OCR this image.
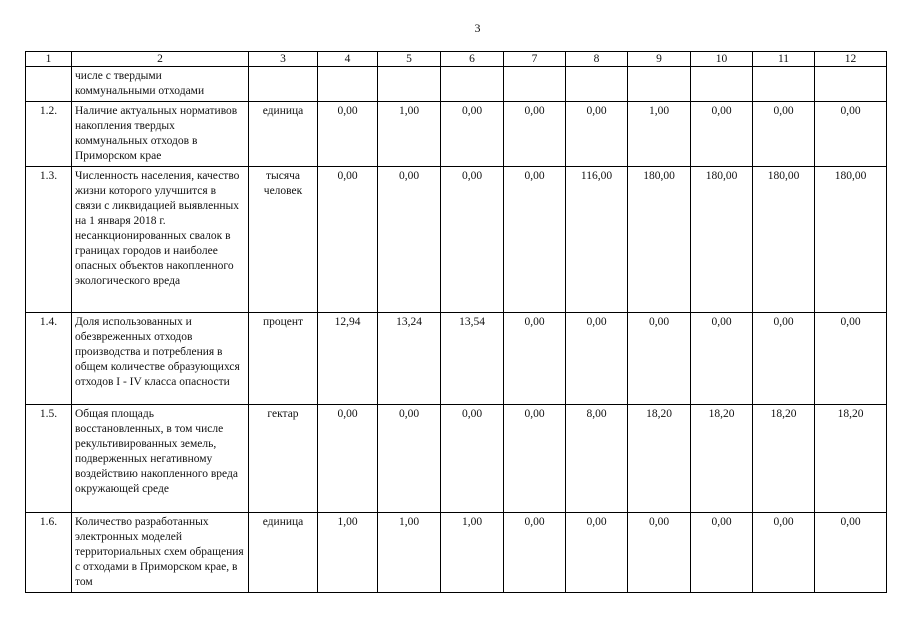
3
1	2	3	4	5	6	7	8	9	10	11	12
	числе с твердыми коммунальными отходами										
1.2.	Наличие актуальных нормативов накопления твердых коммунальных отходов в Приморском крае	единица	0,00	1,00	0,00	0,00	0,00	1,00	0,00	0,00	0,00
1.3.	Численность населения, качество жизни которого улучшится в связи с ликвидацией выявленных на 1 января 2018 г. несанкционированных свалок в границах городов и наиболее опасных объектов накопленного экологического вреда	тысяча человек	0,00	0,00	0,00	0,00	116,00	180,00	180,00	180,00	180,00
1.4.	Доля использованных и обезвреженных отходов производства и потребления в общем количестве образующихся отходов I - IV класса опасности	процент	12,94	13,24	13,54	0,00	0,00	0,00	0,00	0,00	0,00
1.5.	Общая площадь восстановленных, в том числе рекультивированных земель, подверженных негативному воздействию накопленного вреда окружающей среде	гектар	0,00	0,00	0,00	0,00	8,00	18,20	18,20	18,20	18,20
1.6.	Количество разработанных электронных моделей территориальных схем обращения с отходами в Приморском крае, в том	единица	1,00	1,00	1,00	0,00	0,00	0,00	0,00	0,00	0,00
